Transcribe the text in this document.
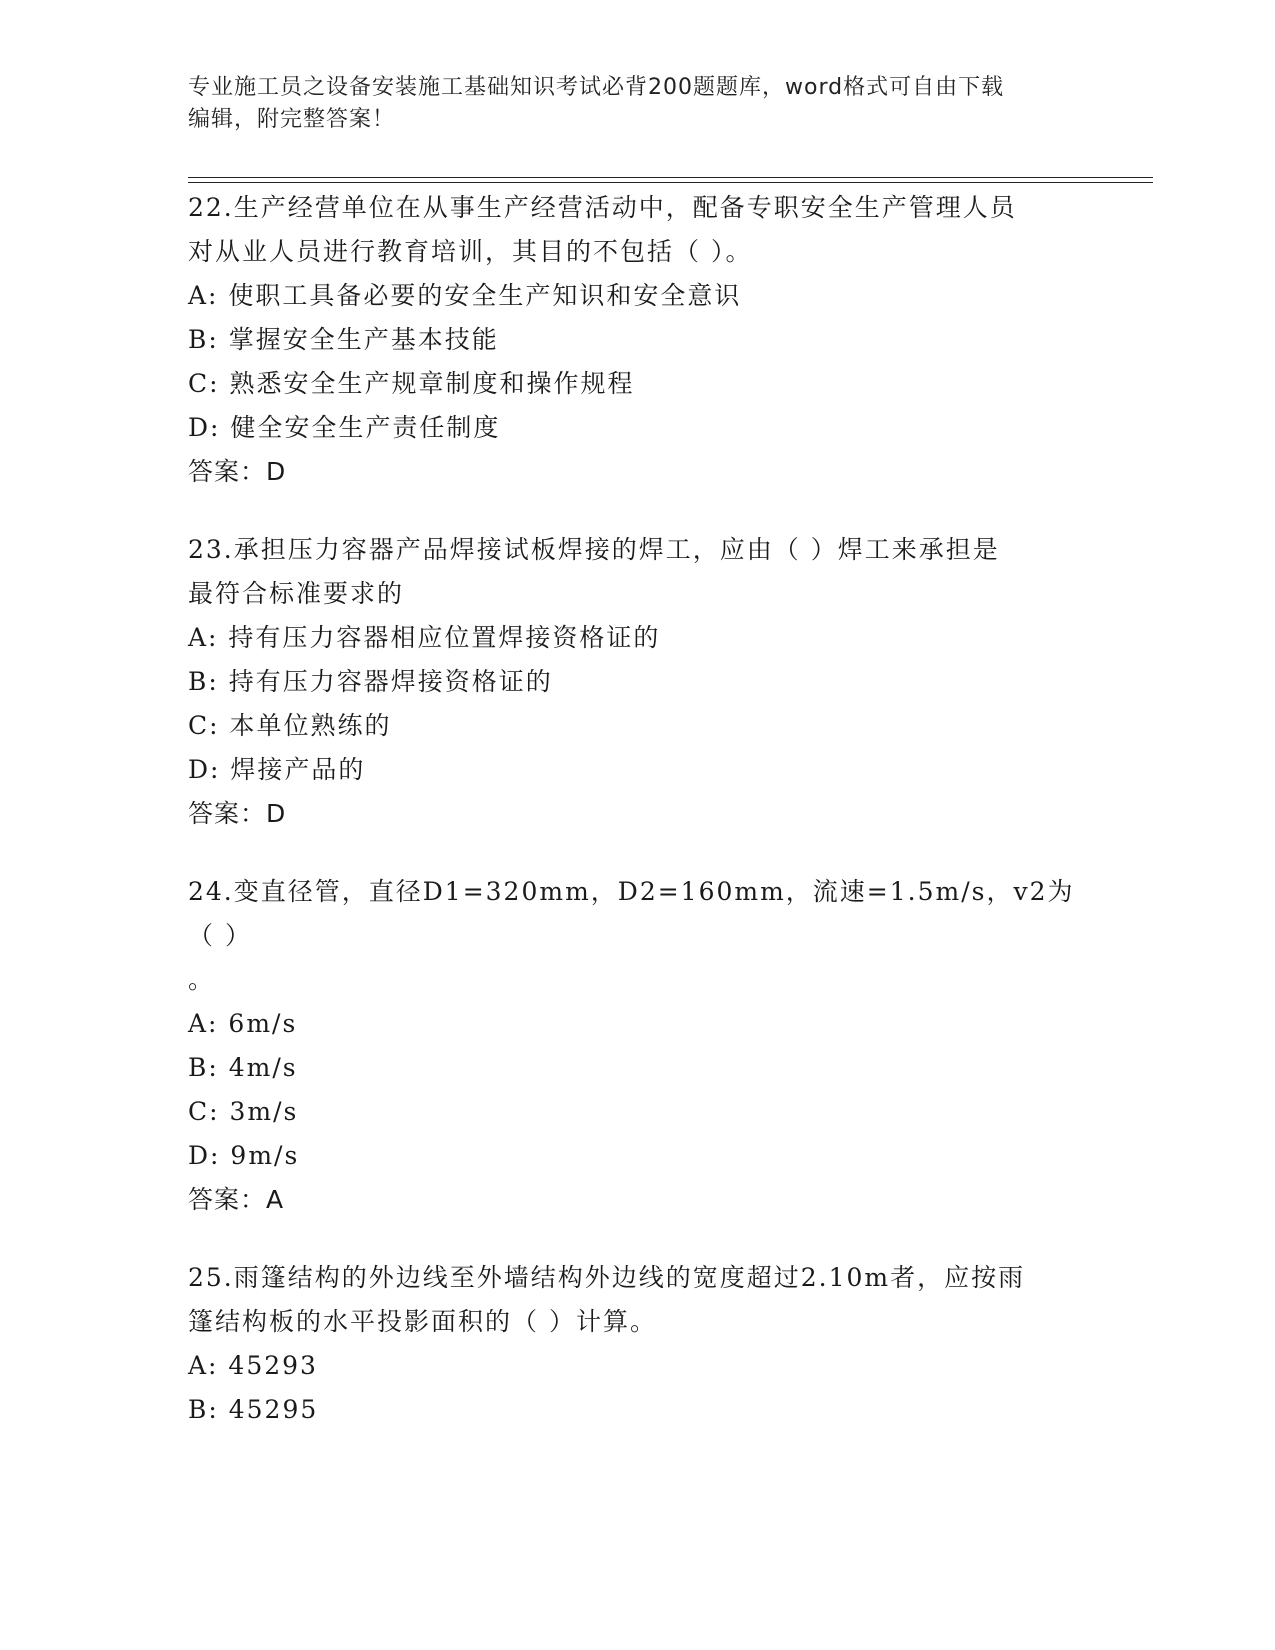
专业施工员之设备安装施工基础知识考试必背200题题库，word格式可自由下载
编辑，附完整答案！
22.生产经营单位在从事生产经营活动中，配备专职安全生产管理人员
对从业人员进行教育培训，其目的不包括（ ）。
A: 使职工具备必要的安全生产知识和安全意识
B: 掌握安全生产基本技能
C: 熟悉安全生产规章制度和操作规程
D: 健全安全生产责任制度
答案：D
23.承担压力容器产品焊接试板焊接的焊工，应由（ ）焊工来承担是
最符合标准要求的
A: 持有压力容器相应位置焊接资格证的
B: 持有压力容器焊接资格证的
C: 本单位熟练的
D: 焊接产品的
答案：D
24.变直径管，直径D1=320mm，D2=160mm，流速=1.5m/s，v2为（ ）
。
A: 6m/s
B: 4m/s
C: 3m/s
D: 9m/s
答案：A
25.雨篷结构的外边线至外墙结构外边线的宽度超过2.10m者，应按雨
篷结构板的水平投影面积的（ ）计算。
A: 45293
B: 45295
